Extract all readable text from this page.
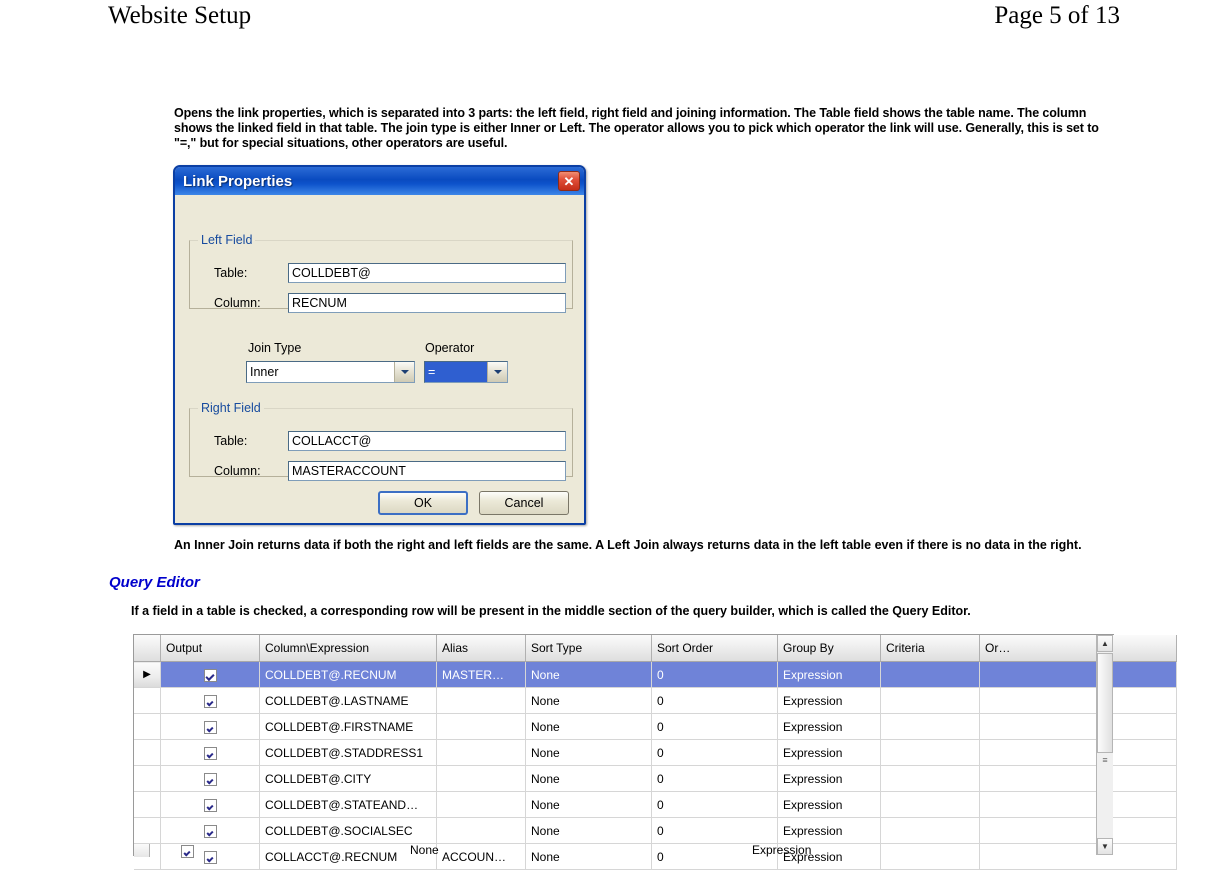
Website Setup	Page 5 of 13
Opens the link properties, which is separated into 3 parts: the left field, right field and joining information. The Table field shows the table name. The column shows the linked field in that table. The join type is either Inner or Left. The operator allows you to pick which operator the link will use. Generally, this is set to "=," but for special situations, other operators are useful.
Link Properties	✕
Left Field
Table:
COLLDEBT@
Column:
RECNUM
Join Type	Operator
Inner	=
Right Field
Table:
COLLACCT@
Column:
MASTERACCOUNT
OK	Cancel
An Inner Join returns data if both the right and left fields are the same. A Left Join always returns data in the left table even if there is no data in the right.
Query Editor
If a field in a table is checked, a corresponding row will be present in the middle section of the query builder, which is called the Query Editor.
	Output	Column\Expression	Alias	Sort Type	Sort Order	Group By	Criteria	Or…
▶		COLLDEBT@.RECNUM	MASTER…	None	0	Expression		
		COLLDEBT@.LASTNAME		None	0	Expression		
		COLLDEBT@.FIRSTNAME		None	0	Expression		
		COLLDEBT@.STADDRESS1		None	0	Expression		
		COLLDEBT@.CITY		None	0	Expression		
		COLLDEBT@.STATEAND…		None	0	Expression		
		COLLDEBT@.SOCIALSEC		None	0	Expression		
		COLLACCT@.RECNUM	ACCOUN…	None	0	Expression		
None	Expression
▲
≡
▼
